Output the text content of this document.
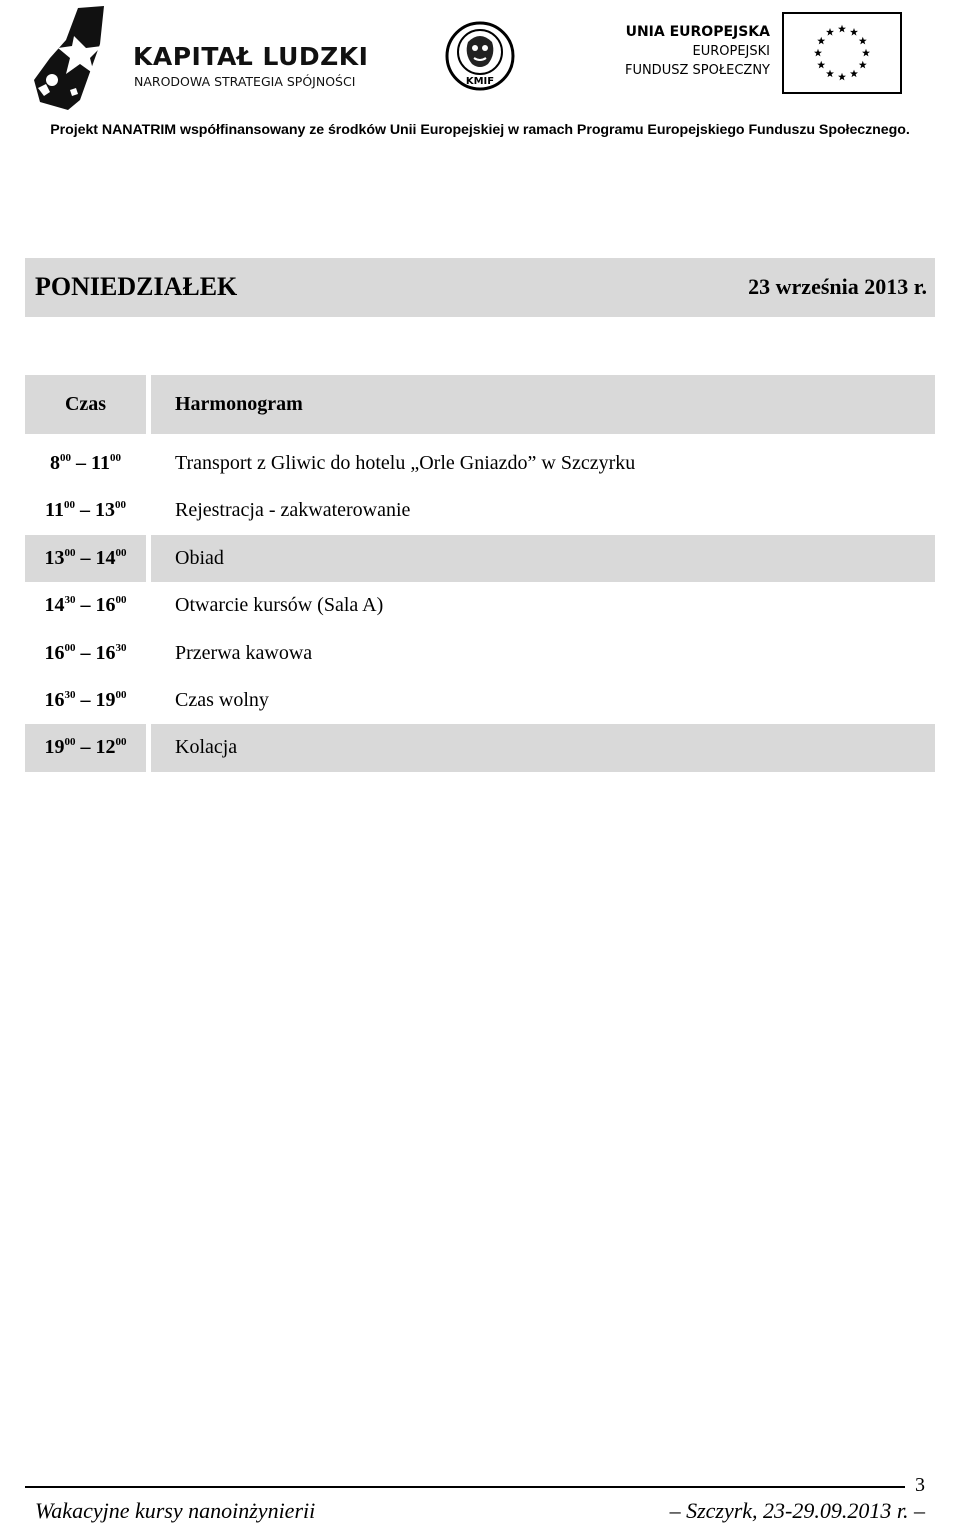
KAPITAŁ LUDZKI
NARODOWA STRATEGIA SPÓJNOŚCI	KMIF
UNIA EUROPEJSKA
EUROPEJSKI
FUNDUSZ SPOŁECZNY
Projekt NANATRIM współfinansowany ze środków Unii Europejskiej w ramach Programu Europejskiego Funduszu Społecznego.
PONIEDZIAŁEK	23 września 2013 r.
Czas	Harmonogram
$8^{00} - 11^{00}$	Transport z Gliwic do hotelu „Orle Gniazdo” w Szczyrku
$11^{00} - 13^{00}$	Rejestracja - zakwaterowanie
$13^{00} - 14^{00}$	Obiad
$14^{30} - 16^{00}$	Otwarcie kursów (Sala A)
$16^{00} - 16^{30}$	Przerwa kawowa
$16^{30} - 19^{00}$	Czas wolny
$19^{00} - 12^{00}$	Kolacja
3
Wakacyjne kursy nanoinżynierii	– Szczyrk, 23-29.09.2013 r. –
